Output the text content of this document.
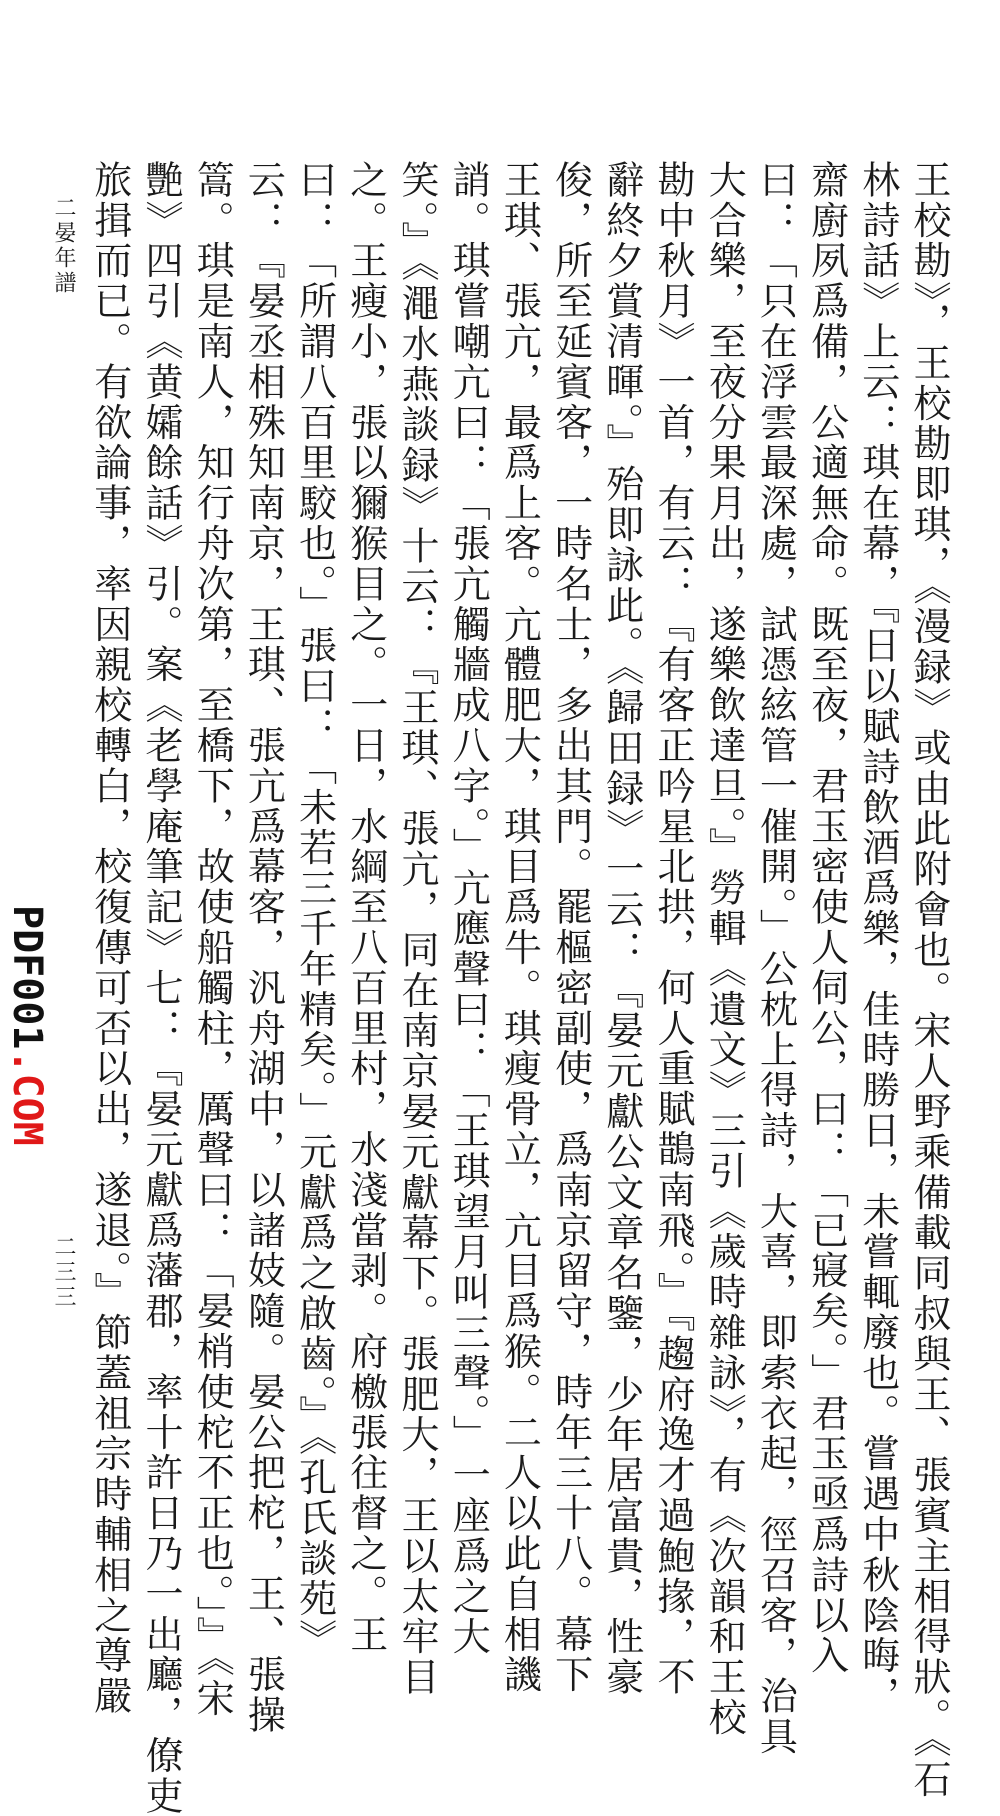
王校勘》，王校勘即琪，《漫録》或由此附會也。宋人野乘備載同叔與王、張賓主相得狀。《石
林詩話》上云：琪在幕，『日以賦詩飲酒爲樂，佳時勝日，未嘗輒廢也。嘗遇中秋陰晦，
齋廚夙爲備，公適無命。既至夜，君玉密使人伺公，曰：「已寢矣。」君玉亟爲詩以入
曰：「只在浮雲最深處，試憑絃管一催開。」公枕上得詩，大喜，即索衣起，徑召客，治具
大合樂，至夜分果月出，遂樂飲達旦。』勞輯《遺文》三引《歲時雜詠》，有《次韻和王校
勘中秋月》一首，有云：『有客正吟星北拱，何人重賦鵲南飛。』『趨府逸才過鮑掾，不
辭終夕賞清暉。』殆即詠此。《歸田録》一云：『晏元獻公文章名鑒，少年居富貴，性豪
俊，所至延賓客，一時名士，多出其門。罷樞密副使，爲南京留守，時年三十八。幕下
王琪、張亢，最爲上客。亢體肥大，琪目爲牛。琪瘦骨立，亢目爲猴。二人以此自相譏
誚。琪嘗嘲亢曰：「張亢觸牆成八字。」亢應聲曰：「王琪望月叫三聲。」一座爲之大
笑。』《澠水燕談録》十云：『王琪、張亢，同在南京晏元獻幕下。張肥大，王以太牢目
之。王瘦小，張以獮猴目之。一日，水綱至八百里村，水淺當剥。府檄張往督之。王
曰：「所謂八百里駮也。」張曰：「未若三千年精矣。」元獻爲之啟齒。』《孔氏談苑》
云：『晏丞相殊知南京，王琪、張亢爲幕客，汎舟湖中，以諸妓隨。晏公把柁，王、張操
篙。琪是南人，知行舟次第，至橋下，故使船觸柱，厲聲曰：「晏梢使柁不正也。」』《宋
艷》四引《黄孀餘話》引。案《老學庵筆記》七：『晏元獻爲藩郡，率十許日乃一出廳，僚吏
旅揖而已。有欲論事，率因親校轉白，校復傳可否以出，遂退。』節蓋祖宗時輔相之尊嚴
二晏年譜
二三三
PDF001.COM
